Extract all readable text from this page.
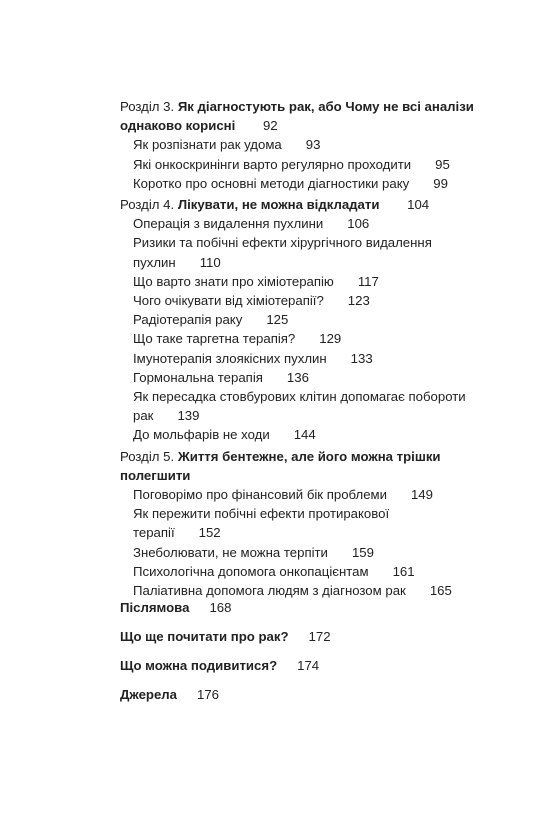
Розділ 3. Як діагностують рак, або Чому не всі аналізи однаково корисні 92
Як розпізнати рак удома 93
Які онкоскринінги варто регулярно проходити 95
Коротко про основні методи діагностики раку 99
Розділ 4. Лікувати, не можна відкладати 104
Операція з видалення пухлини 106
Ризики та побічні ефекти хірургічного видалення пухлин 110
Що варто знати про хіміотерапію 117
Чого очікувати від хіміотерапії? 123
Радіотерапія раку 125
Що таке таргетна терапія? 129
Імунотерапія злоякісних пухлин 133
Гормональна терапія 136
Як пересадка стовбурових клітин допомагає побороти рак 139
До мольфарів не ходи 144
Розділ 5. Життя бентежне, але його можна трішки полегшити
Поговорімо про фінансовий бік проблеми 149
Як пережити побічні ефекти протиракової терапії 152
Знеболювати, не можна терпіти 159
Психологічна допомога онкопацієнтам 161
Паліативна допомога людям з діагнозом рак 165
Післямова 168
Що ще почитати про рак? 172
Що можна подивитися? 174
Джерела 176
